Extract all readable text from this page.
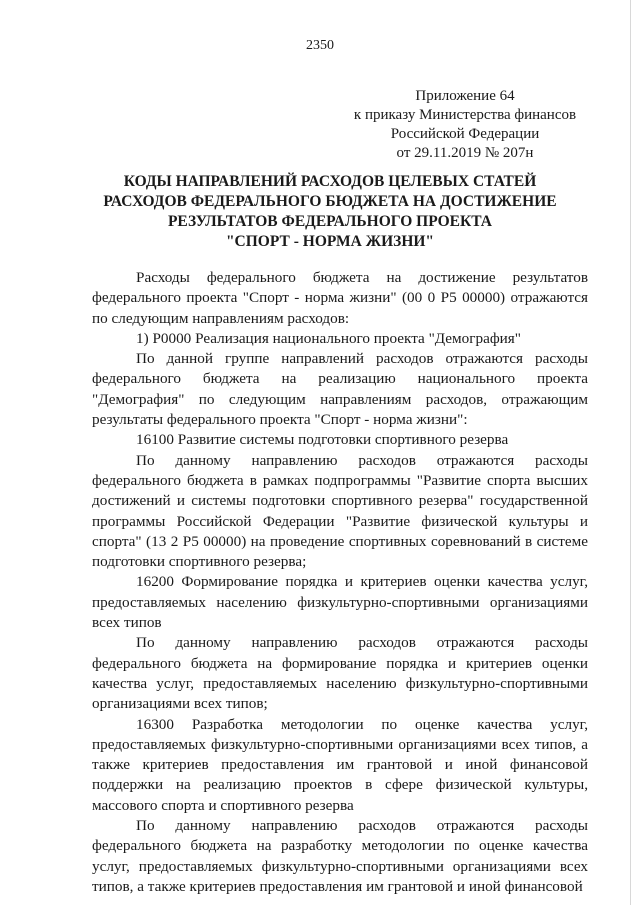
2350
Приложение 64
к приказу Министерства финансов
Российской Федерации
от 29.11.2019 № 207н
КОДЫ НАПРАВЛЕНИЙ РАСХОДОВ ЦЕЛЕВЫХ СТАТЕЙ
РАСХОДОВ ФЕДЕРАЛЬНОГО БЮДЖЕТА НА ДОСТИЖЕНИЕ
РЕЗУЛЬТАТОВ ФЕДЕРАЛЬНОГО ПРОЕКТА
"СПОРТ - НОРМА ЖИЗНИ"

Расходы федерального бюджета на достижение результатов федерального проекта "Спорт - норма жизни" (00 0 P5 00000) отражаются по следующим направлениям расходов:

1) P0000 Реализация национального проекта "Демография"

По данной группе направлений расходов отражаются расходы федерального бюджета на реализацию национального проекта "Демография" по следующим направлениям расходов, отражающим результаты федерального проекта "Спорт - норма жизни":

16100 Развитие системы подготовки спортивного резерва

По данному направлению расходов отражаются расходы федерального бюджета в рамках подпрограммы "Развитие спорта высших достижений и системы подготовки спортивного резерва" государственной программы Российской Федерации "Развитие физической культуры и спорта" (13 2 P5 00000) на проведение спортивных соревнований в системе подготовки спортивного резерва;

16200 Формирование порядка и критериев оценки качества услуг, предоставляемых населению физкультурно-спортивными организациями всех типов

По данному направлению расходов отражаются расходы федерального бюджета на формирование порядка и критериев оценки качества услуг, предоставляемых населению физкультурно-спортивными организациями всех типов;

16300 Разработка методологии по оценке качества услуг, предоставляемых физкультурно-спортивными организациями всех типов, а также критериев предоставления им грантовой и иной финансовой поддержки на реализацию проектов в сфере физической культуры, массового спорта и спортивного резерва

По данному направлению расходов отражаются расходы федерального бюджета на разработку методологии по оценке качества услуг, предоставляемых физкультурно-спортивными организациями всех типов, а также критериев предоставления им грантовой и иной финансовой
